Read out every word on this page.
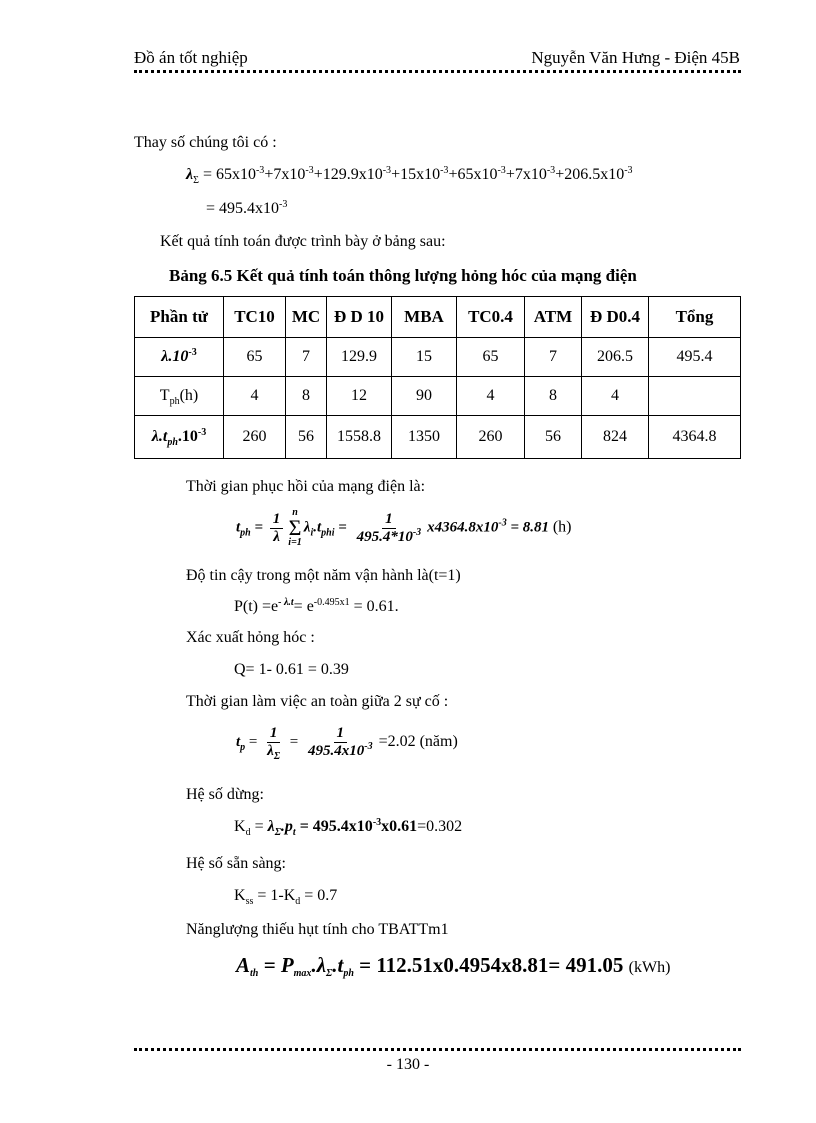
Đồ án tốt nghiệp	Nguyễn Văn Hưng - Điện 45B
Thay số chúng tôi có :
$\lambda_\Sigma = 65x10^{-3}+7x10^{-3}+129.9x10^{-3}+15x10^{-3}+65x10^{-3}+7x10^{-3}+206.5x10^{-3}$
= $495.4x10^{-3}$
Kết quả tính toán được trình bày ở bảng sau:
Bảng 6.5 Kết quả tính toán thông lượng hỏng hóc của mạng điện
Phần tử	TC10	MC	Đ D 10	MBA	TC0.4	ATM	Đ D0.4	Tổng
$\lambda.10^{-3}$	65	7	129.9	15	65	7	206.5	495.4
$T_{ph}(h)$	4	8	12	90	4	8	4	
$\lambda.t_{ph}.10^{-3}$	260	56	1558.8	1350	260	56	824	4364.8
Thời gian phục hồi của mạng điện là:
$t_{ph} = \frac{1}{\lambda}$ n
Σ
i=1
$\lambda_i.t_{phi} = \frac{1}{495.4*10^{-3}} x4364.8x10^{-3} = 8.81$ (h)
Độ tin cậy trong một năm vận hành là(t=1)
$P(t) =e^{- \lambda.t}= e^{-0.495x1} = 0.61$.
Xác xuất hỏng hóc :
Q= 1- 0.61 = 0.39
Thời gian làm việc an toàn giữa 2 sự cố :
$t_p = \frac{1}{\lambda_\Sigma} = \frac{1}{495.4x10^{-3}} =2.02$ (năm)
Hệ số dừng:
$K_d = \lambda_\Sigma.p_t = 495.4x10^{-3}x0.61=0.302$
Hệ số sẵn sàng:
$K_{ss} = 1-K_d = 0.7$
Nănglượng thiếu hụt tính cho TBATTm1
$A_{th} = P_{max}.\lambda_\Sigma.t_{ph} = 112.51x0.4954x8.81= 491.05$ (kWh)
- 130 -
